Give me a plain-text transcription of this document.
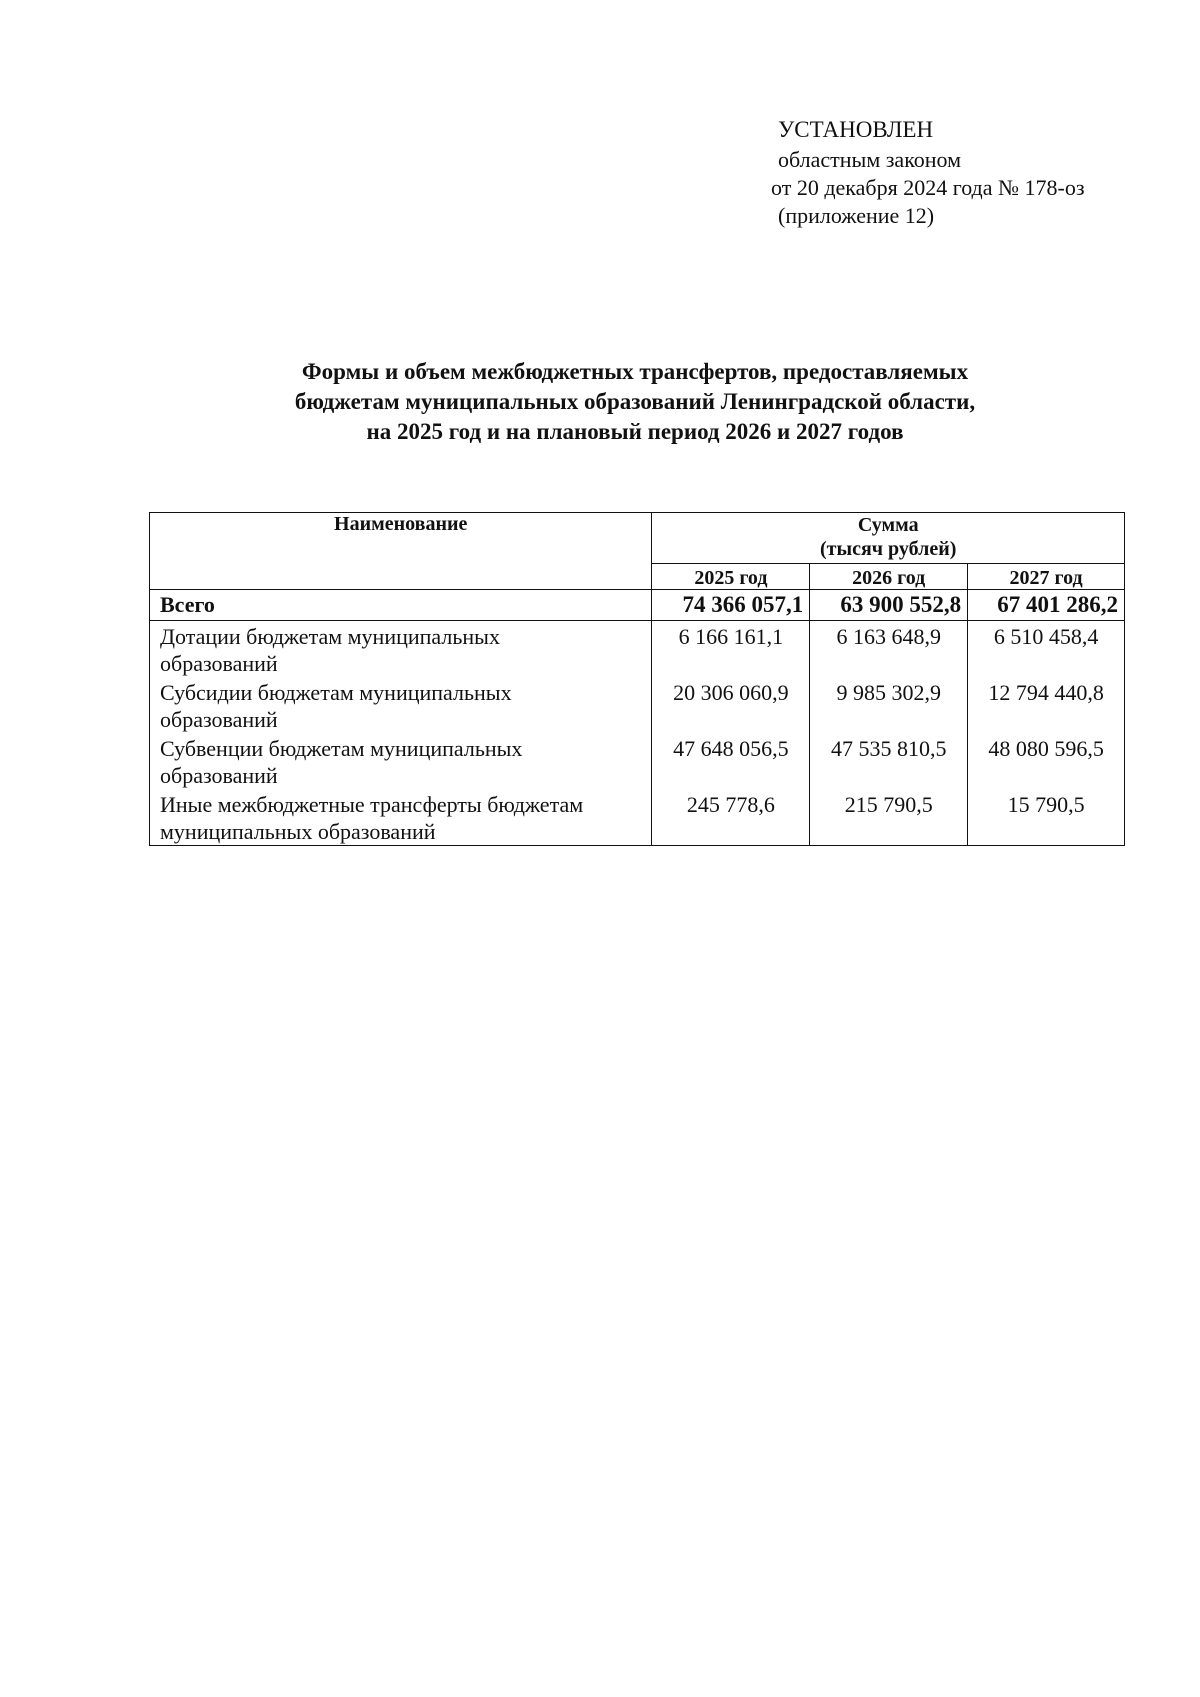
УСТАНОВЛЕН
областным законом
от 20 декабря 2024 года № 178-оз
(приложение 12)
Формы и объем межбюджетных трансфертов, предоставляемых
бюджетам муниципальных образований Ленинградской области,
на 2025 год и на плановый период 2026 и 2027 годов
Наименование	Сумма
(тысяч рублей)		

	2025 год	2026 год	2027 год
Всего	74 366 057,1	63 900 552,8	67 401 286,2

Дотации бюджетам муниципальных
образований	6 166 161,1	6 163 648,9	6 510 458,4

Субсидии бюджетам муниципальных
образований	20 306 060,9	9 985 302,9	12 794 440,8

Субвенции бюджетам муниципальных
образований	47 648 056,5	47 535 810,5	48 080 596,5

Иные межбюджетные трансферты бюджетам
муниципальных образований	245 778,6	215 790,5	15 790,5
